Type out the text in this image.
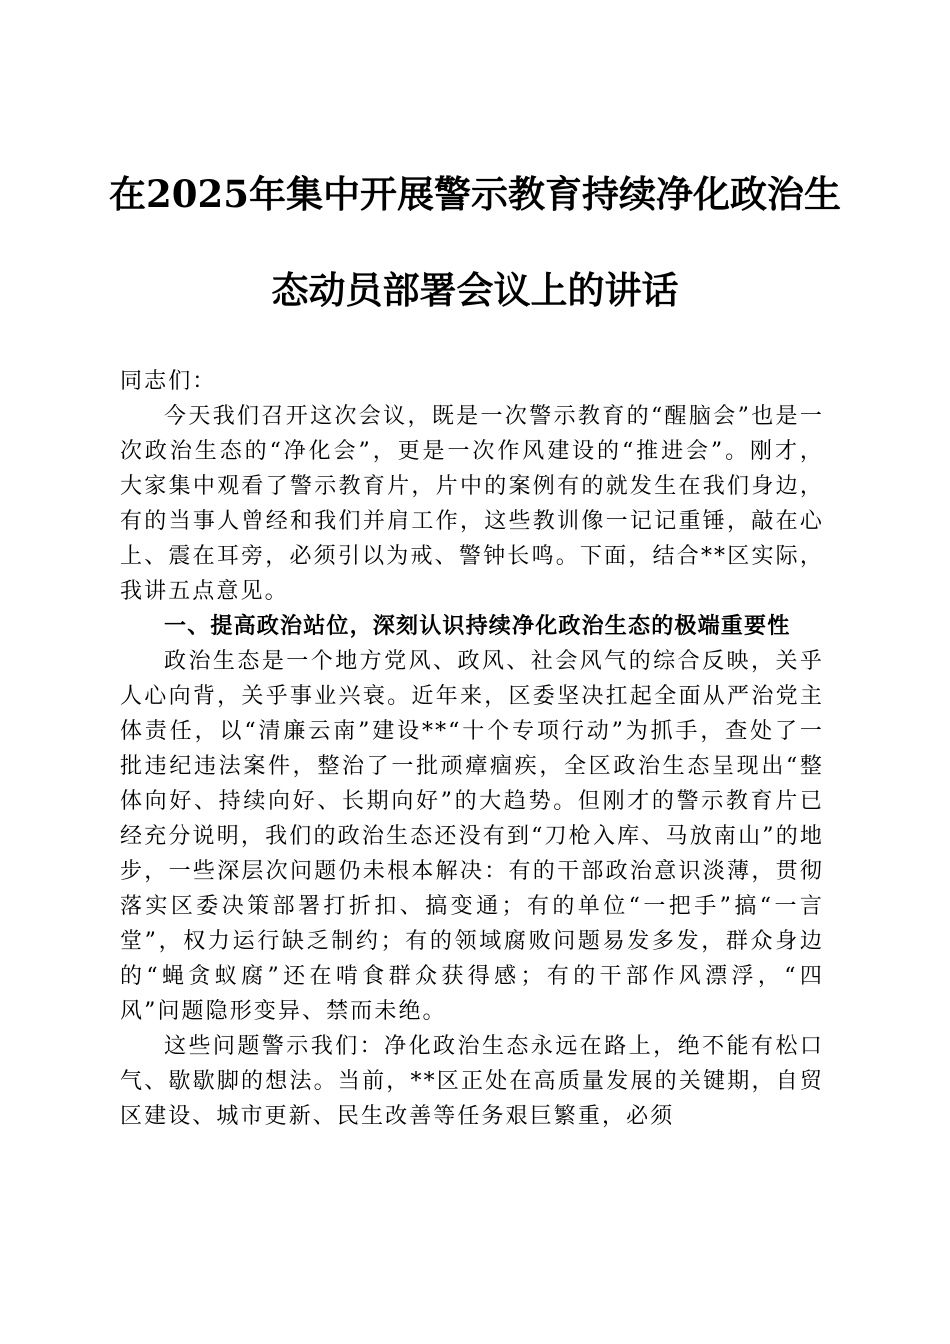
在2025年集中开展警示教育持续净化政治生
态动员部署会议上的讲话

同志们：

今天我们召开这次会议，既是一次警示教育的“醒脑会”也是一次政治生态的“净化会”，更是一次作风建设的“推进会”。刚才，大家集中观看了警示教育片，片中的案例有的就发生在我们身边，有的当事人曾经和我们并肩工作，这些教训像一记记重锤，敲在心上、震在耳旁，必须引以为戒、警钟长鸣。下面，结合**区实际，我讲五点意见。

一、提高政治站位，深刻认识持续净化政治生态的极端重要性

政治生态是一个地方党风、政风、社会风气的综合反映，关乎人心向背，关乎事业兴衰。近年来，区委坚决扛起全面从严治党主体责任，以“清廉云南”建设**“十个专项行动”为抓手，查处了一批违纪违法案件，整治了一批顽瘴痼疾，全区政治生态呈现出“整体向好、持续向好、长期向好”的大趋势。但刚才的警示教育片已经充分说明，我们的政治生态还没有到“刀枪入库、马放南山”的地步，一些深层次问题仍未根本解决：有的干部政治意识淡薄，贯彻落实区委决策部署打折扣、搞变通；有的单位“一把手”搞“一言堂”，权力运行缺乏制约；有的领域腐败问题易发多发，群众身边的“蝇贪蚁腐”还在啃食群众获得感；有的干部作风漂浮，“四风”问题隐形变异、禁而未绝。

这些问题警示我们：净化政治生态永远在路上，绝不能有松口气、歇歇脚的想法。当前，**区正处在高质量发展的关键期，自贸区建设、城市更新、民生改善等任务艰巨繁重，必须
